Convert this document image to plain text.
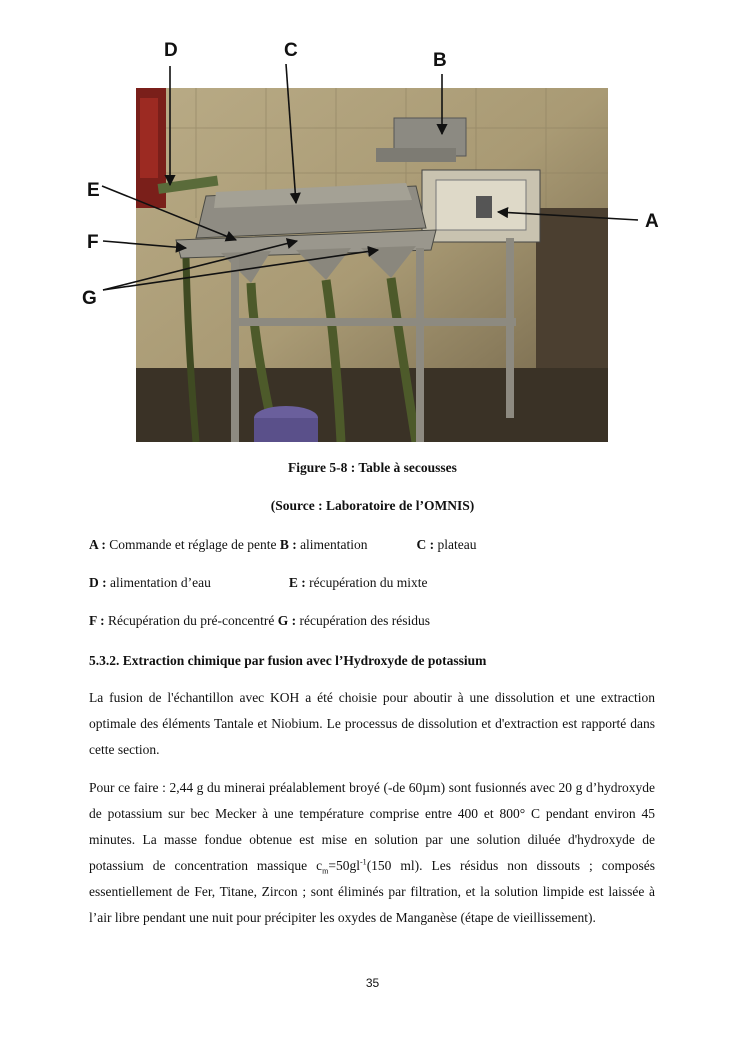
D	C	B
A
E
F
G
Figure 5-8 : Table à secousses
(Source : Laboratoire de l’OMNIS)
A : Commande et réglage de pente B : alimentation	C : plateau
D : alimentation d’eau	E : récupération du mixte
F : Récupération du pré-concentré G : récupération des résidus
5.3.2. Extraction chimique par fusion avec l’Hydroxyde de potassium
La fusion de l'échantillon avec KOH a été choisie pour aboutir à une dissolution et une extraction optimale des éléments Tantale et Niobium. Le processus de dissolution et d'extraction est rapporté dans cette section.
Pour ce faire : 2,44 g du minerai préalablement broyé (-de 60µm) sont fusionnés avec 20 g d’hydroxyde de potassium sur bec Mecker à une température comprise entre 400 et 800° C pendant environ 45 minutes. La masse fondue obtenue est mise en solution par une solution diluée d'hydroxyde de potassium de concentration massique $c_m=50gl^{-1}(150$ ml). Les résidus non dissouts ; composés essentiellement de Fer, Titane, Zircon ; sont éliminés par filtration, et la solution limpide est laissée à l’air libre pendant une nuit pour précipiter les oxydes de Manganèse (étape de vieillissement).
35
